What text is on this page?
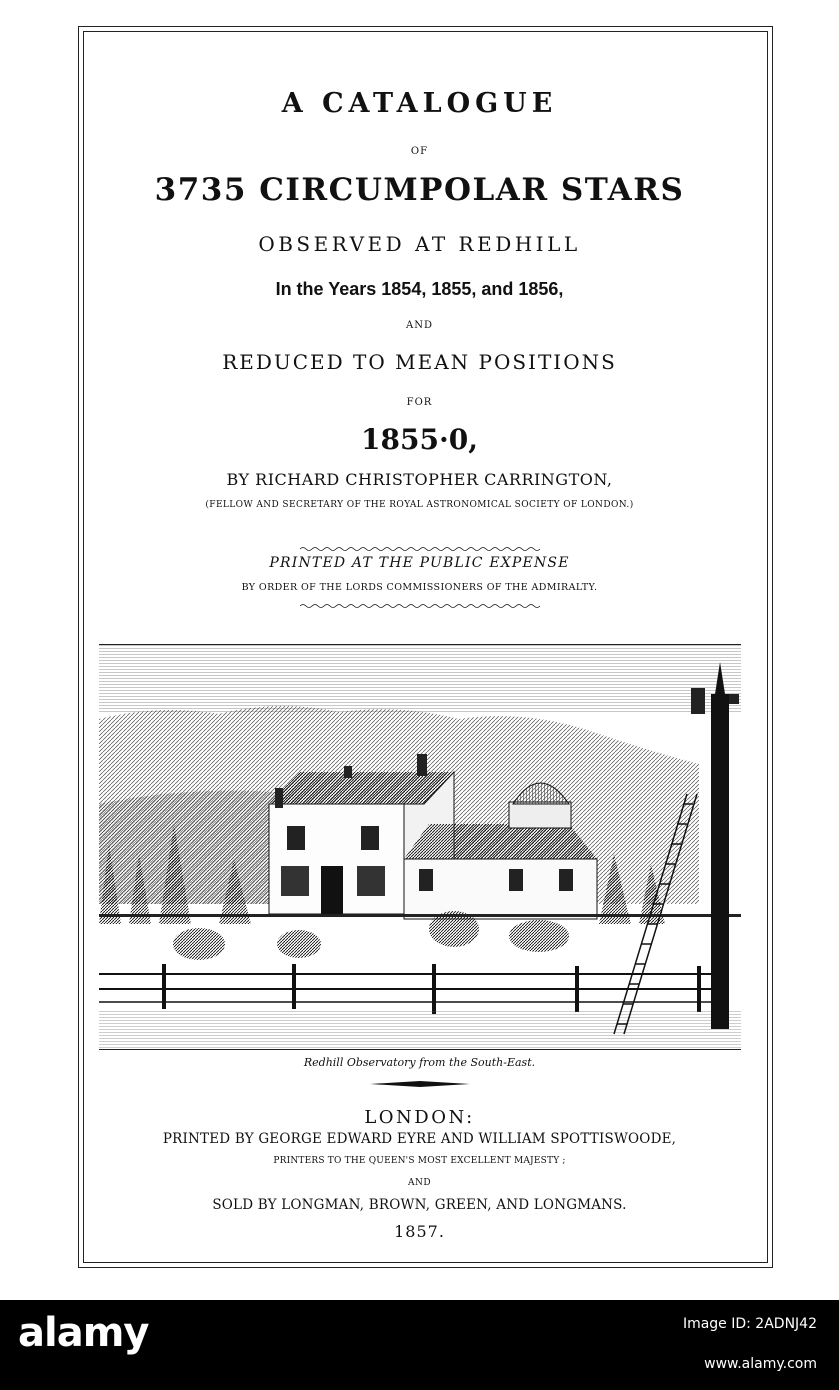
A CATALOGUE
OF
3735 CIRCUMPOLAR STARS
OBSERVED AT REDHILL
In the Years 1854, 1855, and 1856,
AND
REDUCED TO MEAN POSITIONS
FOR
1855·0,
BY RICHARD CHRISTOPHER CARRINGTON,
(FELLOW AND SECRETARY OF THE ROYAL ASTRONOMICAL SOCIETY OF LONDON.)
PRINTED AT THE PUBLIC EXPENSE
BY ORDER OF THE LORDS COMMISSIONERS OF THE ADMIRALTY.
Redhill Observatory from the South-East.
LONDON:
PRINTED BY GEORGE EDWARD EYRE AND WILLIAM SPOTTISWOODE,
PRINTERS TO THE QUEEN'S MOST EXCELLENT MAJESTY ;
AND
SOLD BY LONGMAN, BROWN, GREEN, AND LONGMANS.
1857.
alamy	Image ID: 2ADNJ42
www.alamy.com
